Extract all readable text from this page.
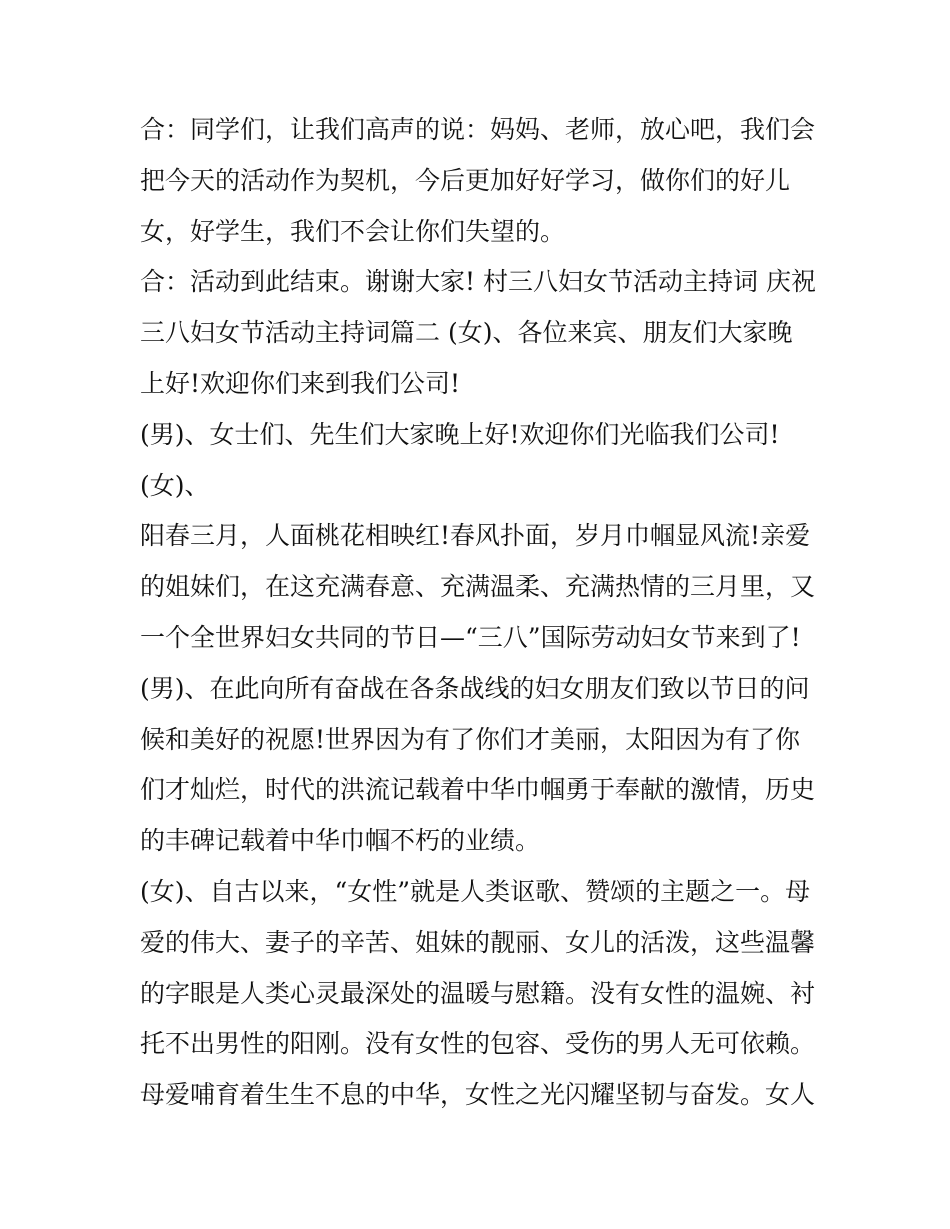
合：同学们，让我们高声的说：妈妈、老师，放心吧，我们会
把今天的活动作为契机，今后更加好好学习，做你们的好儿
女，好学生，我们不会让你们失望的。
合：活动到此结束。谢谢大家! 村三八妇女节活动主持词 庆祝
三八妇女节活动主持词篇二 (女)、各位来宾、朋友们大家晚
上好!欢迎你们来到我们公司!
(男)、女士们、先生们大家晚上好!欢迎你们光临我们公司!
(女)、
阳春三月，人面桃花相映红!春风扑面，岁月巾帼显风流!亲爱
的姐妹们，在这充满春意、充满温柔、充满热情的三月里，又
一个全世界妇女共同的节日—“三八”国际劳动妇女节来到了!
(男)、在此向所有奋战在各条战线的妇女朋友们致以节日的问
候和美好的祝愿!世界因为有了你们才美丽，太阳因为有了你
们才灿烂，时代的洪流记载着中华巾帼勇于奉献的激情，历史
的丰碑记载着中华巾帼不朽的业绩。
(女)、自古以来，“女性”就是人类讴歌、赞颂的主题之一。母
爱的伟大、妻子的辛苦、姐妹的靓丽、女儿的活泼，这些温馨
的字眼是人类心灵最深处的温暖与慰籍。没有女性的温婉、衬
托不出男性的阳刚。没有女性的包容、受伤的男人无可依赖。
母爱哺育着生生不息的中华，女性之光闪耀坚韧与奋发。女人
